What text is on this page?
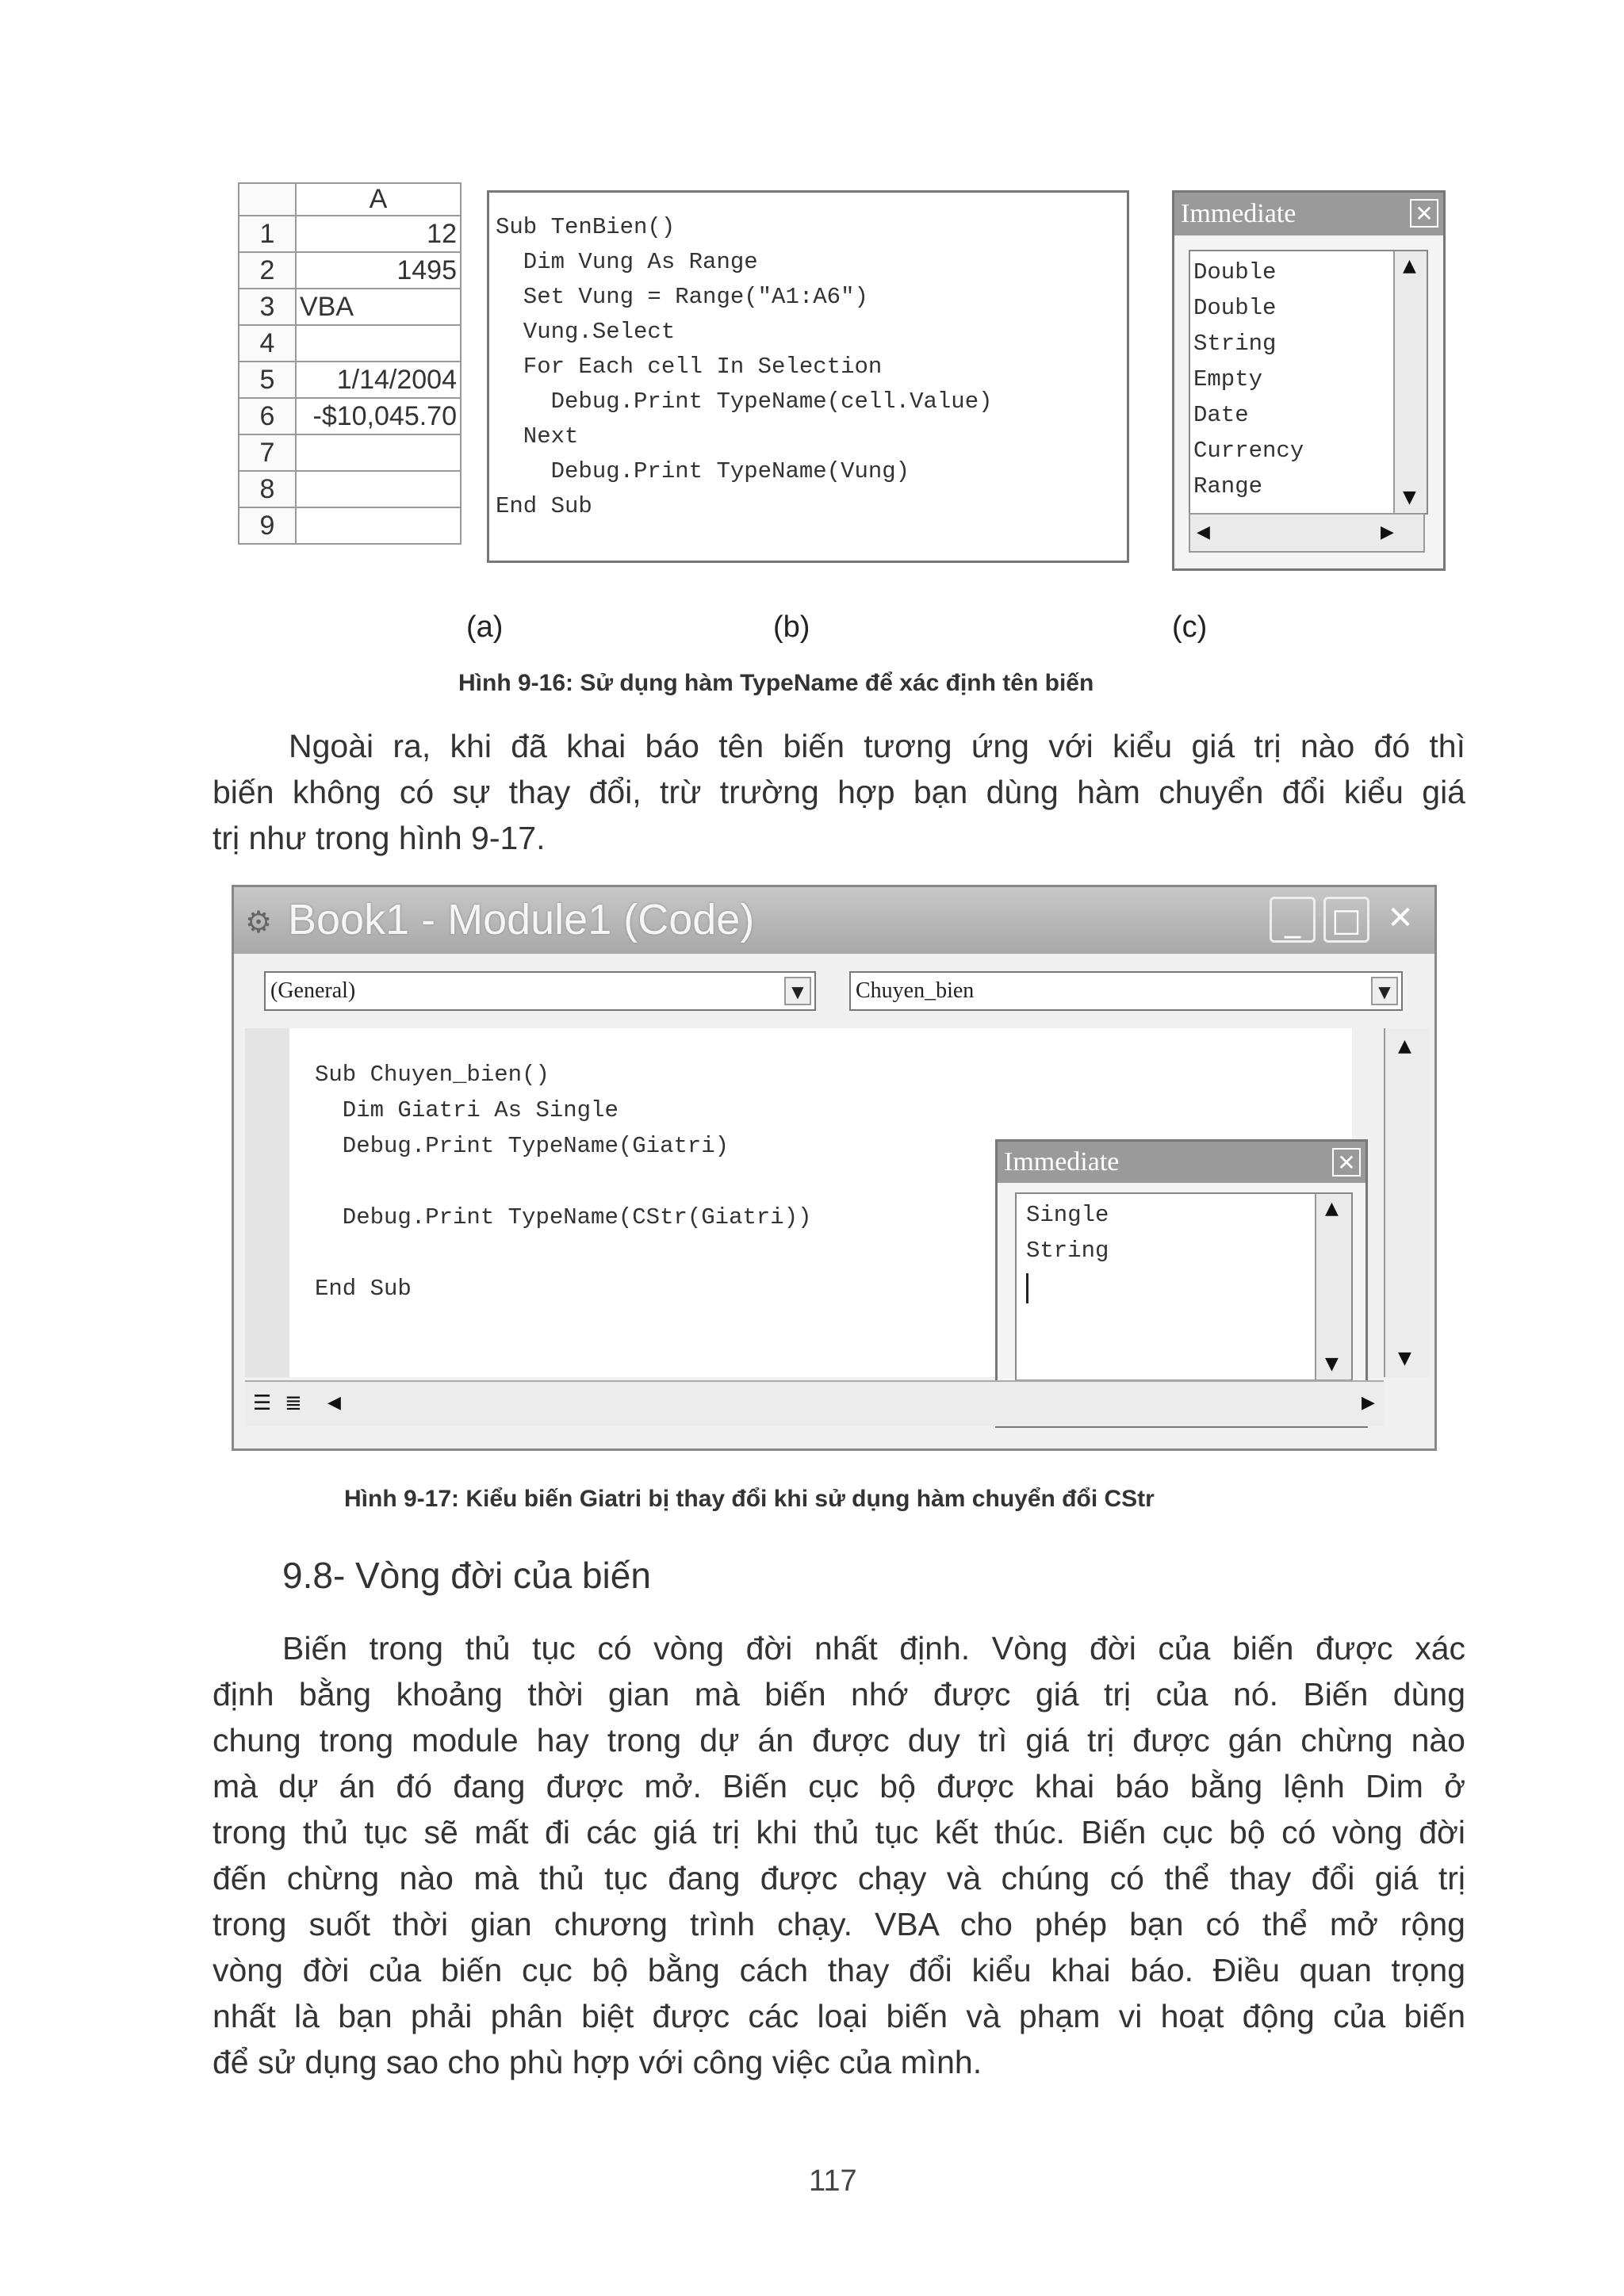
	A
1	12
2	1495
3	VBA
4	
5	1/14/2004
6	-$10,045.70
7	
8	
9	
Sub TenBien()
Dim Vung As Range
Set Vung = Range("A1:A6")
Vung.Select
For Each cell In Selection
Debug.Print TypeName(cell.Value)
Next
Debug.Print TypeName(Vung)
End Sub
Immediate	✕
Double
Double
String
Empty
Date
Currency
Range
▲
▼
◀	▶
(a)	(b)	(c)
Hình 9-16: Sử dụng hàm TypeName để xác định tên biến
Ngoài ra, khi đã khai báo tên biến tương ứng với kiểu giá trị nào đó thì
biến không có sự thay đổi, trừ trường hợp bạn dùng hàm chuyển đổi kiểu giá
trị như trong hình 9-17.
⚙ Book1 - Module1 (Code)	_ □ ✕
(General)	▼	Chuyen_bien	▼
Sub Chuyen_bien()
Dim Giatri As Single
Debug.Print TypeName(Giatri)
Debug.Print TypeName(CStr(Giatri))
End Sub
Immediate	✕
Single
String
▲
▼
▲
▼
☰ ≣ ◀	▶
Hình 9-17: Kiểu biến Giatri bị thay đổi khi sử dụng hàm chuyển đổi CStr
9.8- Vòng đời của biến
Biến trong thủ tục có vòng đời nhất định. Vòng đời của biến được xác
định bằng khoảng thời gian mà biến nhớ được giá trị của nó. Biến dùng
chung trong module hay trong dự án được duy trì giá trị được gán chừng nào
mà dự án đó đang được mở. Biến cục bộ được khai báo bằng lệnh Dim ở
trong thủ tục sẽ mất đi các giá trị khi thủ tục kết thúc. Biến cục bộ có vòng đời
đến chừng nào mà thủ tục đang được chạy và chúng có thể thay đổi giá trị
trong suốt thời gian chương trình chạy. VBA cho phép bạn có thể mở rộng
vòng đời của biến cục bộ bằng cách thay đổi kiểu khai báo. Điều quan trọng
nhất là bạn phải phân biệt được các loại biến và phạm vi hoạt động của biến
để sử dụng sao cho phù hợp với công việc của mình.
117
